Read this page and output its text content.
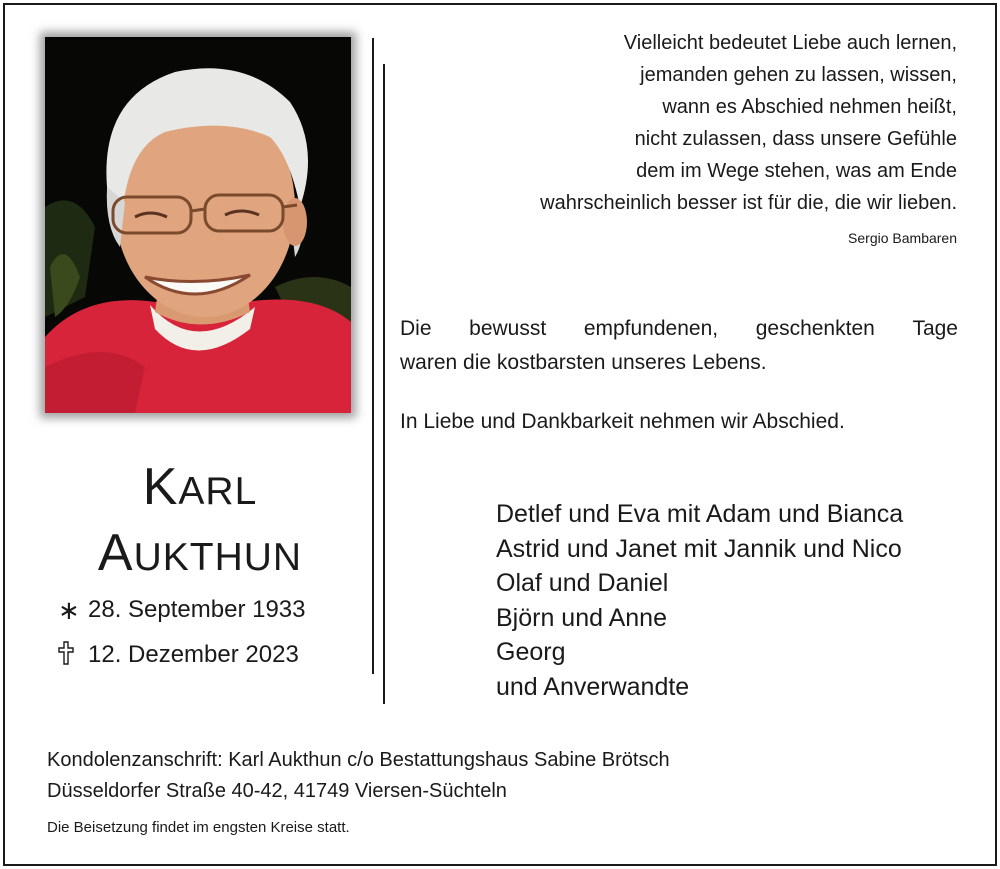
KARL
AUKTHUN
∗ 28. September 1933
12. Dezember 2023
Vielleicht bedeutet Liebe auch lernen,
jemanden gehen zu lassen, wissen,
wann es Abschied nehmen heißt,
nicht zulassen, dass unsere Gefühle
dem im Wege stehen, was am Ende
wahrscheinlich besser ist für die, die wir lieben.
Sergio Bambaren
Die bewusst empfundenen, geschenkten Tage
waren die kostbarsten unseres Lebens.
In Liebe und Dankbarkeit nehmen wir Abschied.
Detlef und Eva mit Adam und Bianca
Astrid und Janet mit Jannik und Nico
Olaf und Daniel
Björn und Anne
Georg
und Anverwandte
Kondolenzanschrift: Karl Aukthun c/o Bestattungshaus Sabine Brötsch
Düsseldorfer Straße 40-42, 41749 Viersen-Süchteln
Die Beisetzung findet im engsten Kreise statt.
